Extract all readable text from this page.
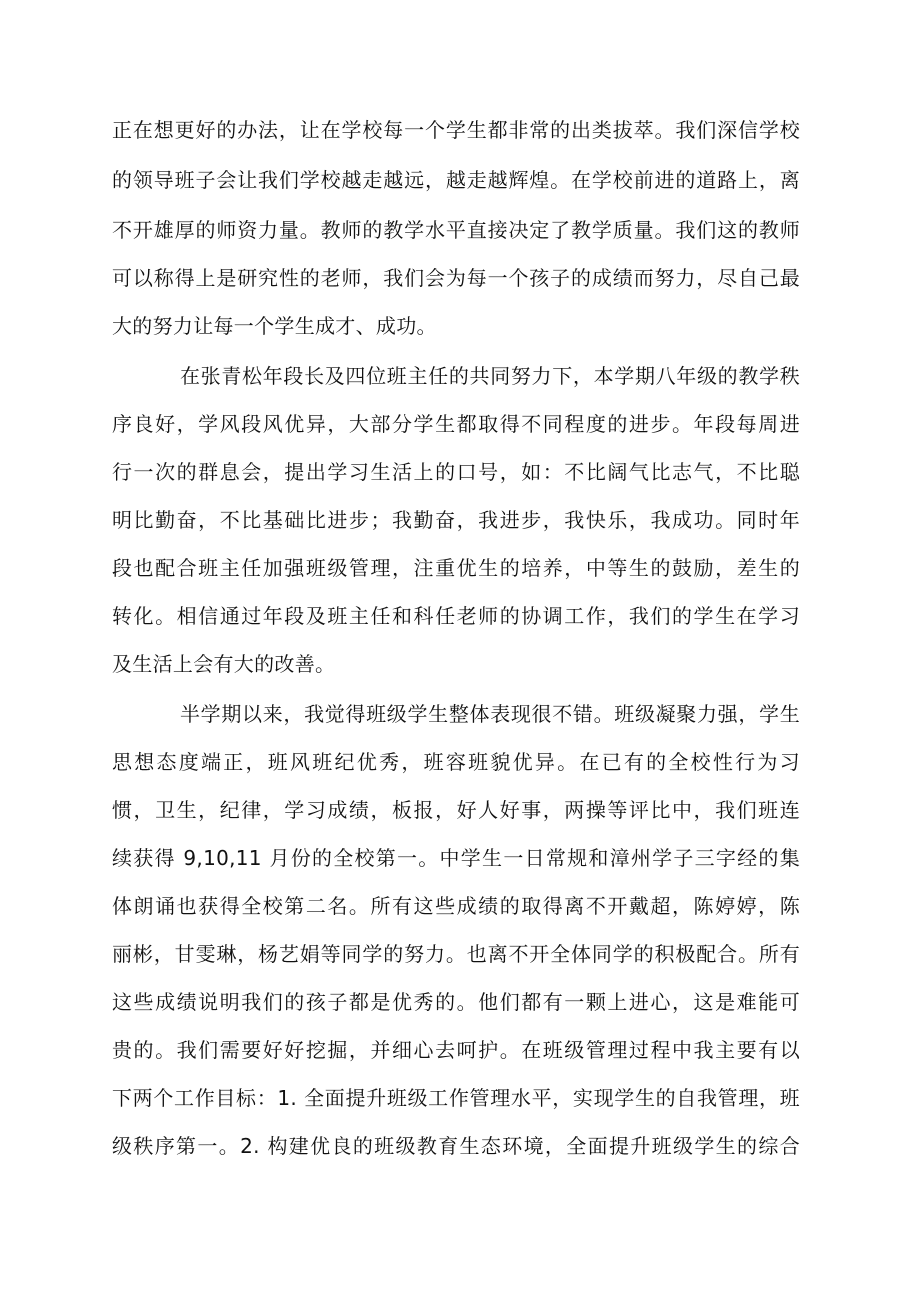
正在想更好的办法，让在学校每一个学生都非常的出类拔萃。我们深信学校
的领导班子会让我们学校越走越远，越走越辉煌。在学校前进的道路上，离
不开雄厚的师资力量。教师的教学水平直接决定了教学质量。我们这的教师
可以称得上是研究性的老师，我们会为每一个孩子的成绩而努力，尽自己最
大的努力让每一个学生成才、成功。
在张青松年段长及四位班主任的共同努力下，本学期八年级的教学秩
序良好，学风段风优异，大部分学生都取得不同程度的进步。年段每周进
行一次的群息会，提出学习生活上的口号，如：不比阔气比志气，不比聪
明比勤奋，不比基础比进步；我勤奋，我进步，我快乐，我成功。同时年
段也配合班主任加强班级管理，注重优生的培养，中等生的鼓励，差生的
转化。相信通过年段及班主任和科任老师的协调工作，我们的学生在学习
及生活上会有大的改善。
半学期以来，我觉得班级学生整体表现很不错。班级凝聚力强，学生
思想态度端正，班风班纪优秀，班容班貌优异。在已有的全校性行为习
惯，卫生，纪律，学习成绩，板报，好人好事，两操等评比中，我们班连
续获得 9,10,11 月份的全校第一。中学生一日常规和漳州学子三字经的集
体朗诵也获得全校第二名。所有这些成绩的取得离不开戴超，陈婷婷，陈
丽彬，甘雯琳，杨艺娟等同学的努力。也离不开全体同学的积极配合。所有
这些成绩说明我们的孩子都是优秀的。他们都有一颗上进心，这是难能可
贵的。我们需要好好挖掘，并细心去呵护。在班级管理过程中我主要有以
下两个工作目标：1. 全面提升班级工作管理水平，实现学生的自我管理，班
级秩序第一。2. 构建优良的班级教育生态环境，全面提升班级学生的综合
